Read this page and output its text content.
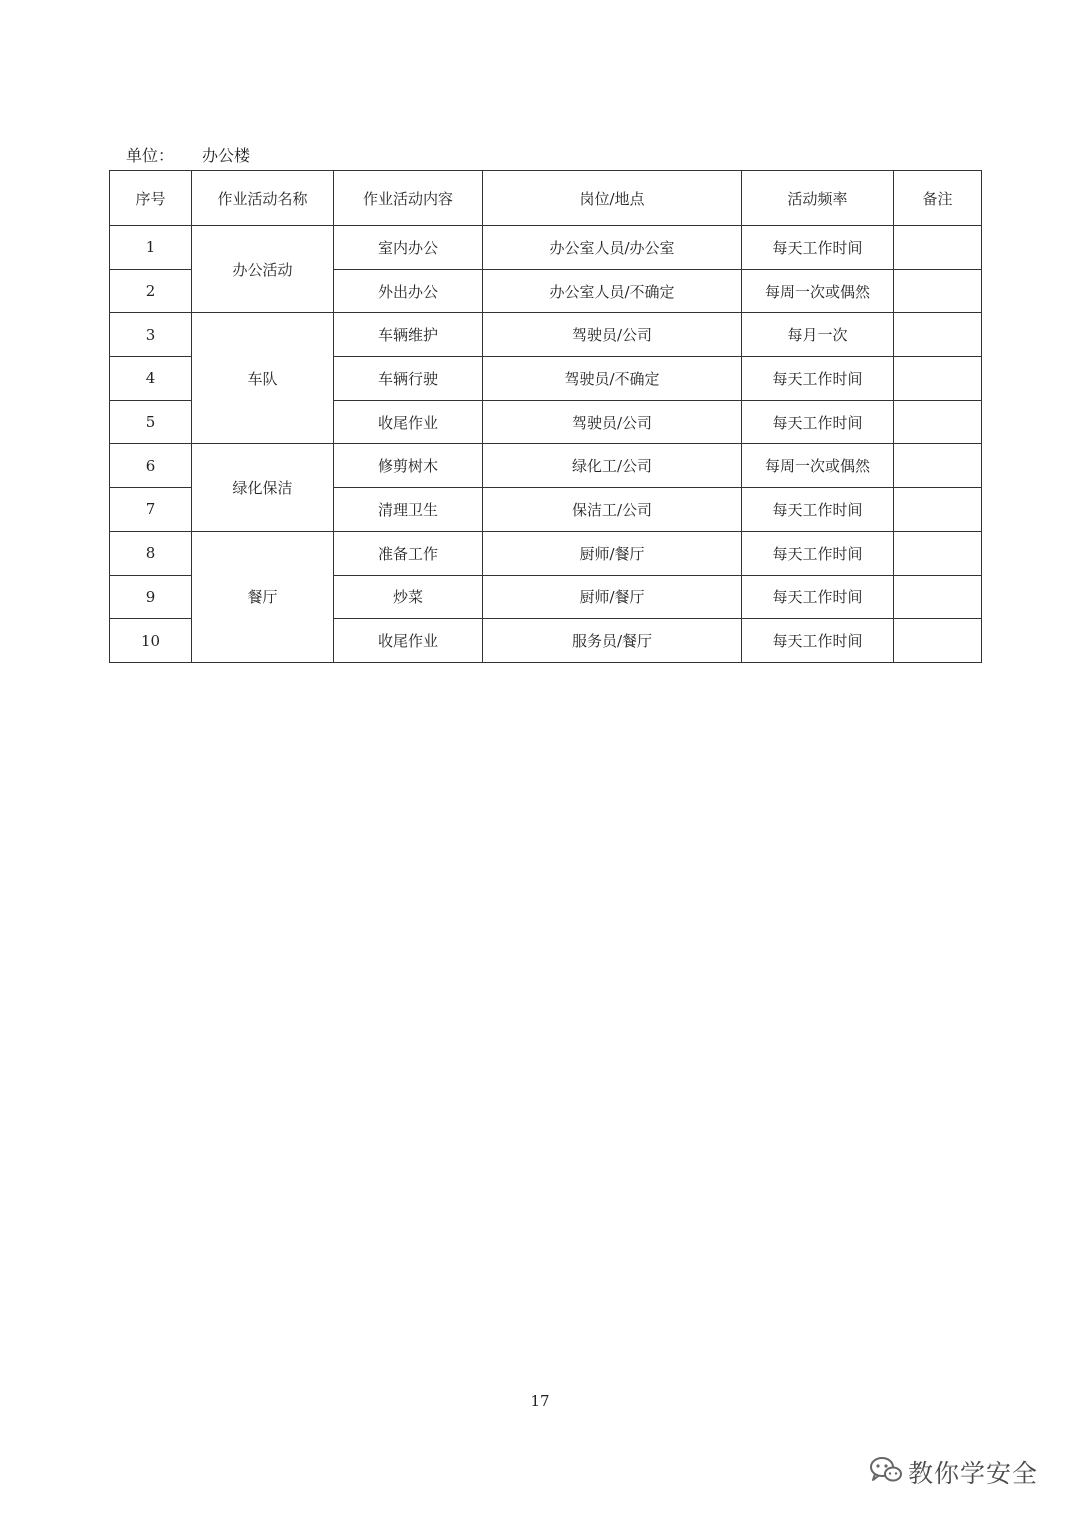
单位： 办公楼
序号	作业活动名称	作业活动内容	岗位/地点	活动频率	备注
1	办公活动	室内办公	办公室人员/办公室	每天工作时间	
2		外出办公	办公室人员/不确定	每周一次或偶然	
3	车队	车辆维护	驾驶员/公司	每月一次	
4		车辆行驶	驾驶员/不确定	每天工作时间	
5		收尾作业	驾驶员/公司	每天工作时间	
6	绿化保洁	修剪树木	绿化工/公司	每周一次或偶然	
7		清理卫生	保洁工/公司	每天工作时间	
8	餐厅	准备工作	厨师/餐厅	每天工作时间	
9		炒菜	厨师/餐厅	每天工作时间	
10		收尾作业	服务员/餐厅	每天工作时间	
17
教你学安全
